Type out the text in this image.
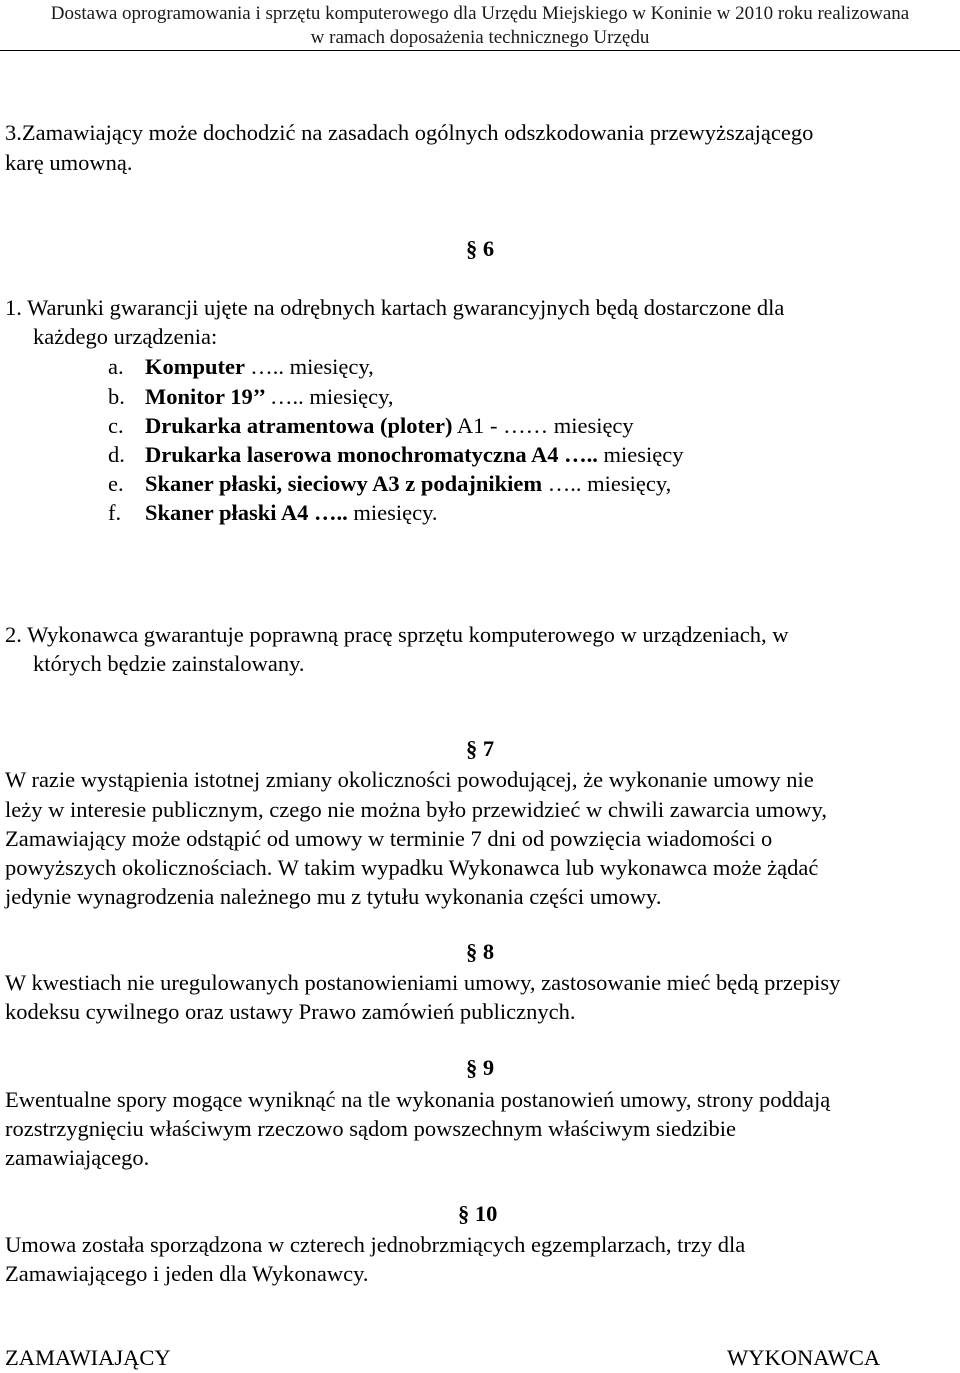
Dostawa oprogramowania i sprzętu komputerowego dla Urzędu Miejskiego w Koninie w 2010 roku realizowana
w ramach doposażenia technicznego Urzędu
3.Zamawiający może dochodzić na zasadach ogólnych odszkodowania przewyższającego
karę umowną.
§ 6
1. Warunki gwarancji ujęte na odrębnych kartach gwarancyjnych będą dostarczone dla
każdego urządzenia:
a. Komputer ….. miesięcy,
b. Monitor 19’’ ….. miesięcy,
c. Drukarka atramentowa (ploter) A1 - …… miesięcy
d. Drukarka laserowa monochromatyczna A4 ….. miesięcy
e. Skaner płaski, sieciowy A3 z podajnikiem ….. miesięcy,
f. Skaner płaski A4 ….. miesięcy.
2. Wykonawca gwarantuje poprawną pracę sprzętu komputerowego w urządzeniach, w
których będzie zainstalowany.
§ 7
W razie wystąpienia istotnej zmiany okoliczności powodującej, że wykonanie umowy nie
leży w interesie publicznym, czego nie można było przewidzieć w chwili zawarcia umowy,
Zamawiający może odstąpić od umowy w terminie 7 dni od powzięcia wiadomości o
powyższych okolicznościach. W takim wypadku Wykonawca lub wykonawca może żądać
jedynie wynagrodzenia należnego mu z tytułu wykonania części umowy.
§ 8
W kwestiach nie uregulowanych postanowieniami umowy, zastosowanie mieć będą przepisy
kodeksu cywilnego oraz ustawy Prawo zamówień publicznych.
§ 9
Ewentualne spory mogące wyniknąć na tle wykonania postanowień umowy, strony poddają
rozstrzygnięciu właściwym rzeczowo sądom powszechnym właściwym siedzibie
zamawiającego.
§ 10
Umowa została sporządzona w czterech jednobrzmiących egzemplarzach, trzy dla
Zamawiającego i jeden dla Wykonawcy.
ZAMAWIAJĄCY	WYKONAWCA
